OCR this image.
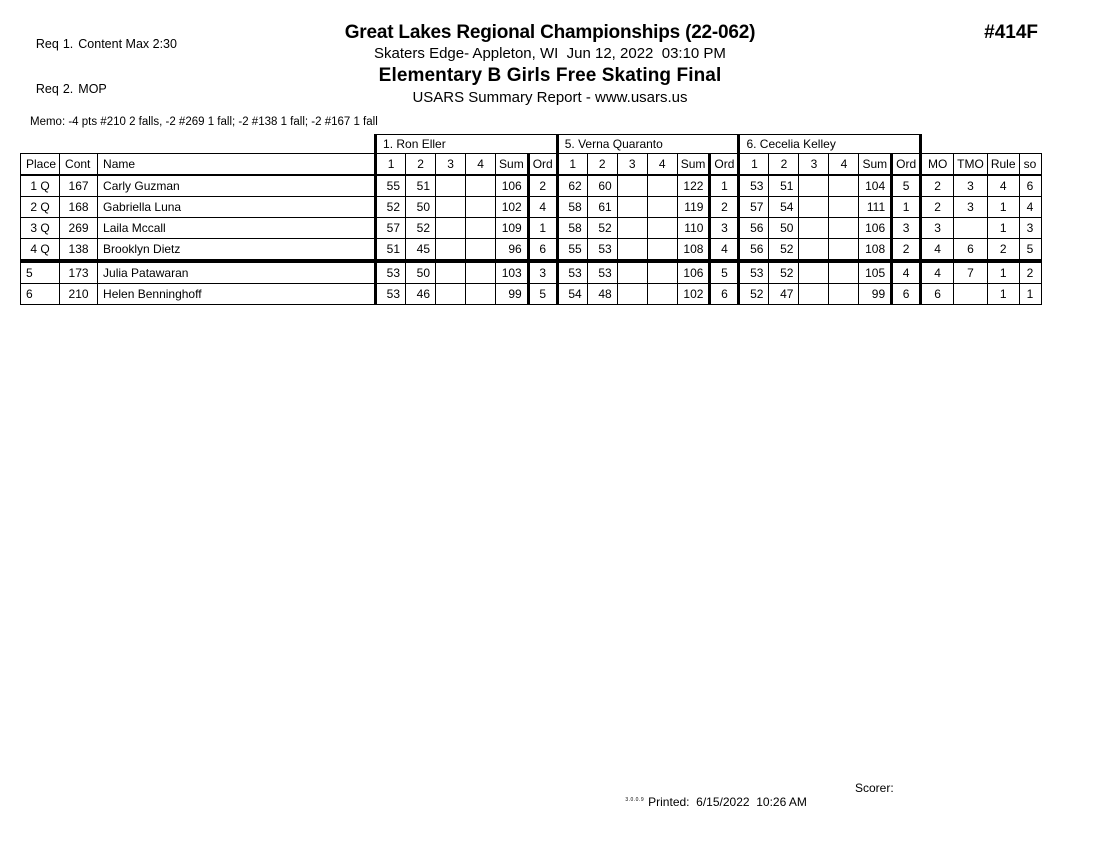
Req 1. Content Max 2:30

Req 2. MOP

Great Lakes Regional Championships (22-062)
Skaters Edge- Appleton, WI  Jun 12, 2022  03:10 PM
Elementary B Girls Free Skating Final
USARS Summary Report - www.usars.us
#414F
Memo: -4 pts #210 2 falls, -2 #269 1 fall; -2 #138 1 fall; -2 #167 1 fall
			1. Ron Eller						5. Verna Quaranto						6. Cecelia Kelley									
Place	Cont	Name	1	2	3	4	Sum	Ord	1	2	3	4	Sum	Ord	1	2	3	4	Sum	Ord	MO	TMO	Rule	so
1 Q	167	Carly Guzman	55	51			106	2	62	60			122	1	53	51			104	5	2	3	4	6
2 Q	168	Gabriella Luna	52	50			102	4	58	61			119	2	57	54			111	1	2	3	1	4
3 Q	269	Laila Mccall	57	52			109	1	58	52			110	3	56	50			106	3	3		1	3
4 Q	138	Brooklyn Dietz	51	45			96	6	55	53			108	4	56	52			108	2	4	6	2	5
5	173	Julia Patawaran	53	50			103	3	53	53			106	5	53	52			105	4	4	7	1	2
6	210	Helen Benninghoff	53	46			99	5	54	48			102	6	52	47			99	6	6		1	1

$^{3.0.0.9}$ Printed:  6/15/2022  10:26 AM

Scorer:
